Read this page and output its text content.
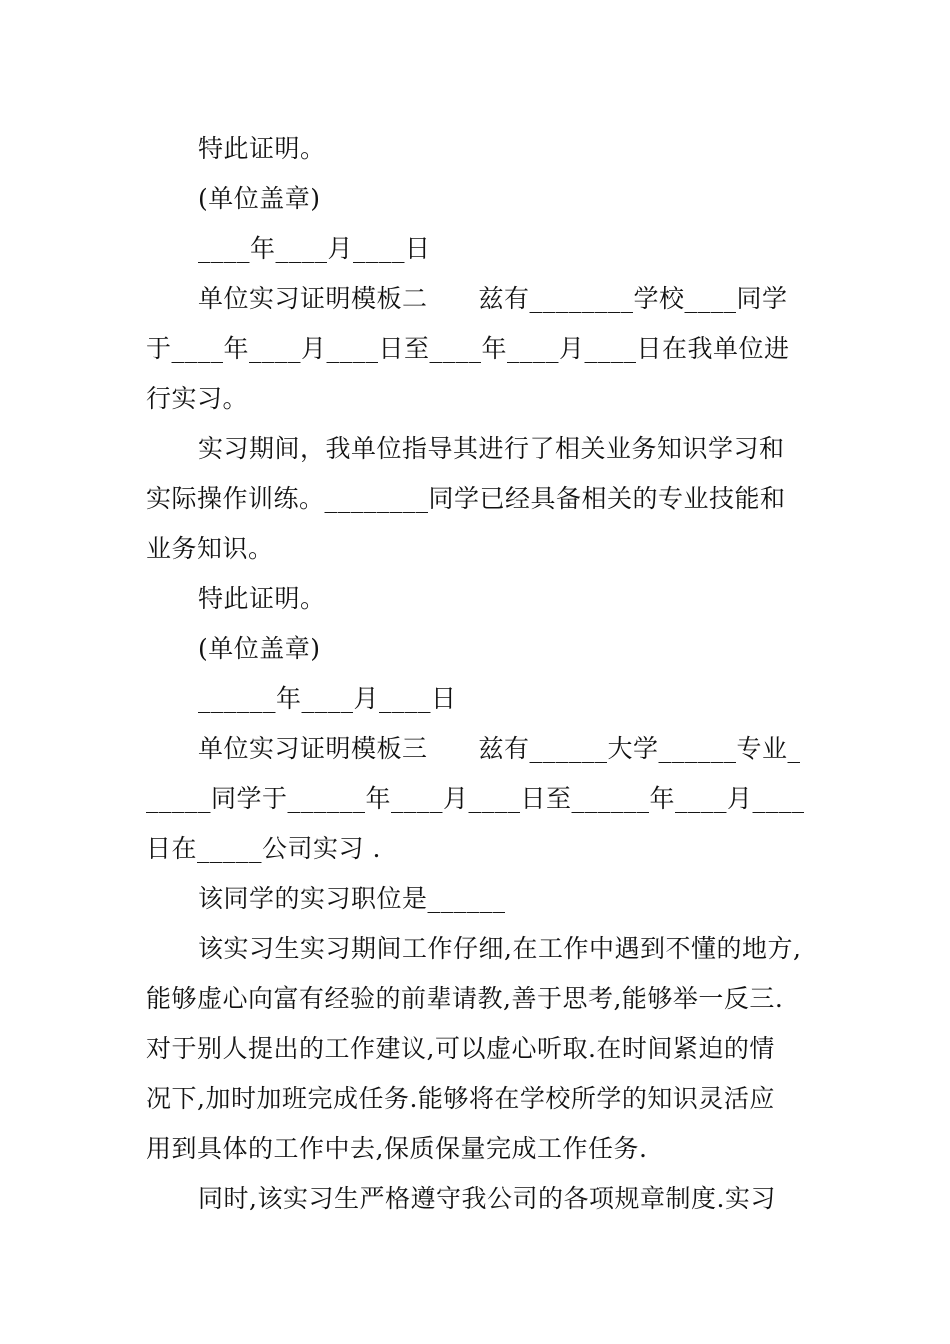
特此证明。
(单位盖章)
____年____月____日
单位实习证明模板二　　兹有________学校____同学
于____年____月____日至____年____月____日在我单位进
行实习。
实习期间，我单位指导其进行了相关业务知识学习和
实际操作训练。________同学已经具备相关的专业技能和
业务知识。
特此证明。
(单位盖章)
______年____月____日
单位实习证明模板三　　兹有______大学______专业_
_____同学于______年____月____日至______年____月____
日在_____公司实习 .
该同学的实习职位是______
该实习生实习期间工作仔细,在工作中遇到不懂的地方,
能够虚心向富有经验的前辈请教,善于思考,能够举一反三.
对于别人提出的工作建议,可以虚心听取.在时间紧迫的情
况下,加时加班完成任务.能够将在学校所学的知识灵活应
用到具体的工作中去,保质保量完成工作任务.
同时,该实习生严格遵守我公司的各项规章制度.实习
